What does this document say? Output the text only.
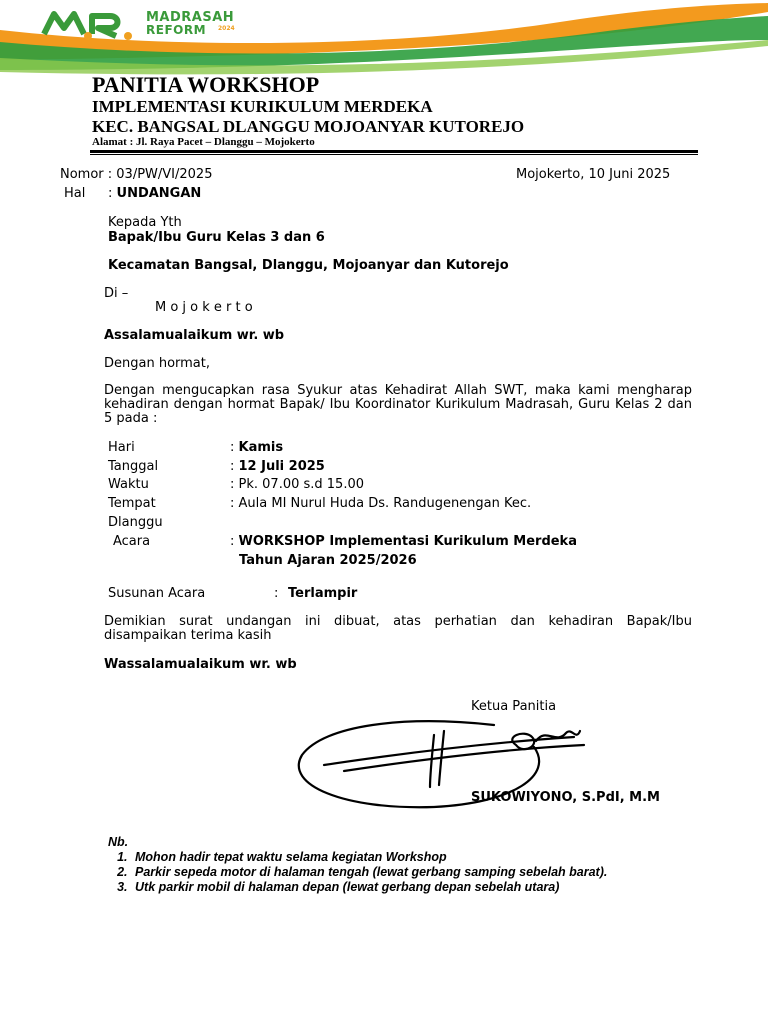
MADRASAH
REFORM 2024
PANITIA WORKSHOP
IMPLEMENTASI KURIKULUM MERDEKA
KEC. BANGSAL DLANGGU MOJOANYAR KUTOREJO
Alamat : Jl. Raya Pacet – Dlanggu – Mojokerto
Nomor : 03/PW/VI/2025	Mojokerto, 10 Juni 2025
Hal : UNDANGAN
Kepada Yth
Bapak/Ibu Guru Kelas 3 dan 6
Kecamatan Bangsal, Dlanggu, Mojoanyar dan Kutorejo
Di –
M o j o k e r t o
Assalamualaikum wr. wb
Dengan hormat,
Dengan mengucapkan rasa Syukur atas Kehadirat Allah SWT, maka kami mengharap kehadiran dengan hormat Bapak/ Ibu Koordinator Kurikulum Madrasah, Guru Kelas 2 dan 5 pada :
Hari	: Kamis
Tanggal	: 12 Juli 2025
Waktu	: Pk. 07.00 s.d 15.00
Tempat	: Aula MI Nurul Huda Ds. Randugenengan Kec.
Dlanggu
Acara	: WORKSHOP Implementasi Kurikulum Merdeka
Tahun Ajaran 2025/2026
Susunan Acara	: Terlampir
Demikian surat undangan ini dibuat, atas perhatian dan kehadiran Bapak/Ibu disampaikan terima kasih
Wassalamualaikum wr. wb
Ketua Panitia
SUKOWIYONO, S.PdI, M.M
Nb.
1. Mohon hadir tepat waktu selama kegiatan Workshop
2. Parkir sepeda motor di halaman tengah (lewat gerbang samping sebelah barat).
3. Utk parkir mobil di halaman depan (lewat gerbang depan sebelah utara)
